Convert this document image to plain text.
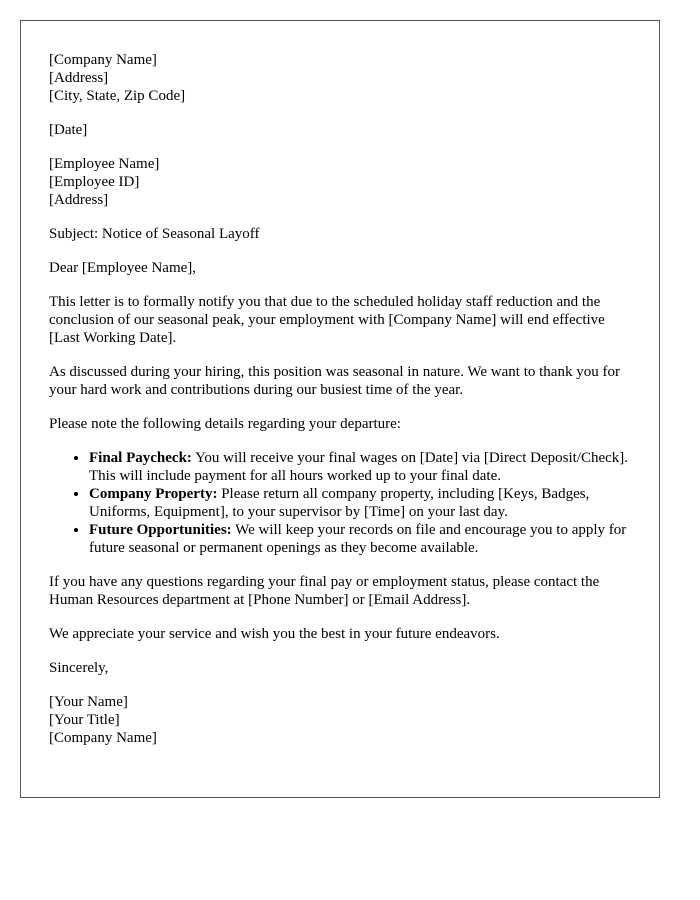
[Company Name]
[Address]
[City, State, Zip Code]

[Date]

[Employee Name]
[Employee ID]
[Address]

Subject: Notice of Seasonal Layoff

Dear [Employee Name],

This letter is to formally notify you that due to the scheduled holiday staff reduction and the conclusion of our seasonal peak, your employment with [Company Name] will end effective [Last Working Date].

As discussed during your hiring, this position was seasonal in nature. We want to thank you for your hard work and contributions during our busiest time of the year.

Please note the following details regarding your departure:

• Final Paycheck: You will receive your final wages on [Date] via [Direct Deposit/Check]. This will include payment for all hours worked up to your final date.
• Company Property: Please return all company property, including [Keys, Badges, Uniforms, Equipment], to your supervisor by [Time] on your last day.
• Future Opportunities: We will keep your records on file and encourage you to apply for future seasonal or permanent openings as they become available.

If you have any questions regarding your final pay or employment status, please contact the Human Resources department at [Phone Number] or [Email Address].

We appreciate your service and wish you the best in your future endeavors.

Sincerely,

[Your Name]
[Your Title]
[Company Name]
